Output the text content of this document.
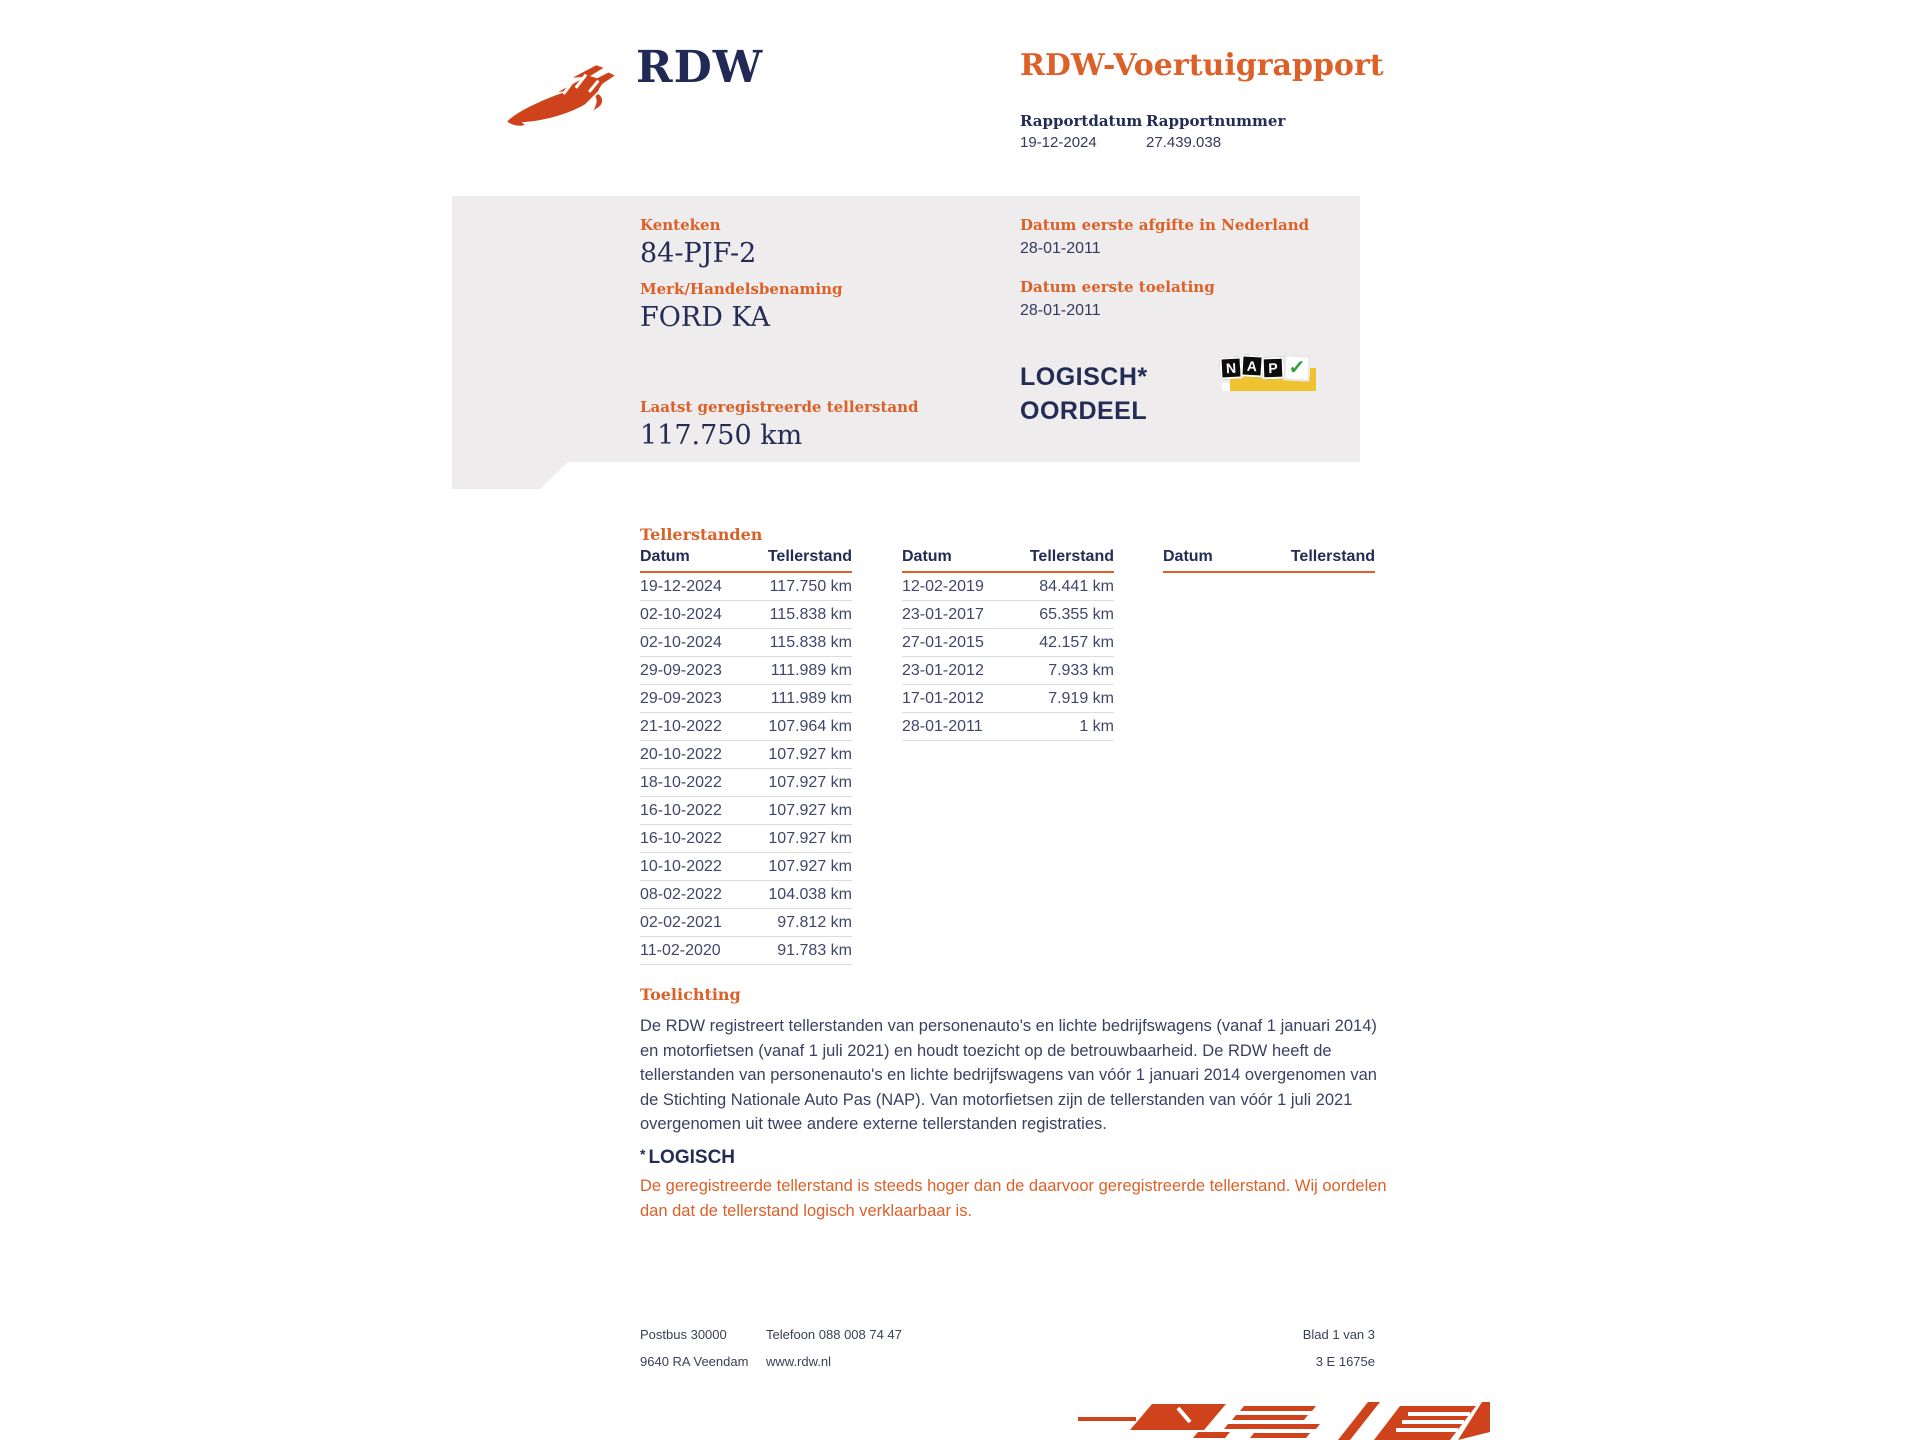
RDW	RDW-Voertuigrapport
Rapportdatum Rapportnummer
19-12-2024	27.439.038
Kenteken
84-PJF-2
Merk/Handelsbenaming
FORD KA
Datum eerste afgifte in Nederland
28-01-2011
Datum eerste toelating
28-01-2011
LOGISCH*
OORDEEL
N A P ✓
Laatst geregistreerde tellerstand
117.750 km
Tellerstanden
Datum	Tellerstand
19-12-2024	117.750 km
02-10-2024	115.838 km
02-10-2024	115.838 km
29-09-2023	111.989 km
29-09-2023	111.989 km
21-10-2022	107.964 km
20-10-2022	107.927 km
18-10-2022	107.927 km
16-10-2022	107.927 km
16-10-2022	107.927 km
10-10-2022	107.927 km
08-02-2022	104.038 km
02-02-2021	97.812 km
11-02-2020	91.783 km
Datum	Tellerstand
12-02-2019	84.441 km
23-01-2017	65.355 km
27-01-2015	42.157 km
23-01-2012	7.933 km
17-01-2012	7.919 km
28-01-2011	1 km
Datum	Tellerstand
Toelichting
De RDW registreert tellerstanden van personenauto's en lichte bedrijfswagens (vanaf 1 januari 2014) en motorfietsen (vanaf 1 juli 2021) en houdt toezicht op de betrouwbaarheid. De RDW heeft de tellerstanden van personenauto's en lichte bedrijfswagens van vóór 1 januari 2014 overgenomen van de Stichting Nationale Auto Pas (NAP). Van motorfietsen zijn de tellerstanden van vóór 1 juli 2021 overgenomen uit twee andere externe tellerstanden registraties.
* LOGISCH
De geregistreerde tellerstand is steeds hoger dan de daarvoor geregistreerde tellerstand. Wij oordelen dan dat de tellerstand logisch verklaarbaar is.
Postbus 30000
9640 RA Veendam
Telefoon 088 008 74 47
www.rdw.nl
Blad 1 van 3
3 E 1675e
